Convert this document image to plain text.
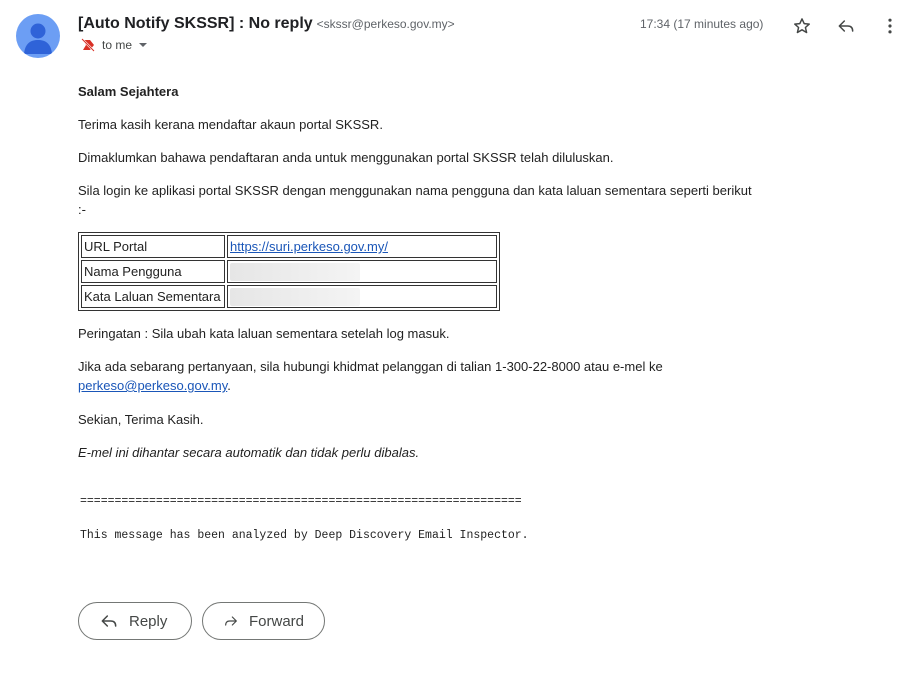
[Auto Notify SKSSR] : No reply <skssr@perkeso.gov.my>	17:34 (17 minutes ago)
to me

Salam Sejahtera

Terima kasih kerana mendaftar akaun portal SKSSR.

Dimaklumkan bahawa pendaftaran anda untuk menggunakan portal SKSSR telah diluluskan.

Sila login ke aplikasi portal SKSSR dengan menggunakan nama pengguna dan kata laluan sementara seperti berikut :-

URL Portal	https://suri.perkeso.gov.my/
Nama Pengguna	
Kata Laluan Sementara	

Peringatan : Sila ubah kata laluan sementara setelah log masuk.

Jika ada sebarang pertanyaan, sila hubungi khidmat pelanggan di talian 1-300-22-8000 atau e-mel ke perkeso@perkeso.gov.my.

Sekian, Terima Kasih.

E-mel ini dihantar secara automatik dan tidak perlu dibalas.

================================================================
This message has been analyzed by Deep Discovery Email Inspector.
Reply	Forward
